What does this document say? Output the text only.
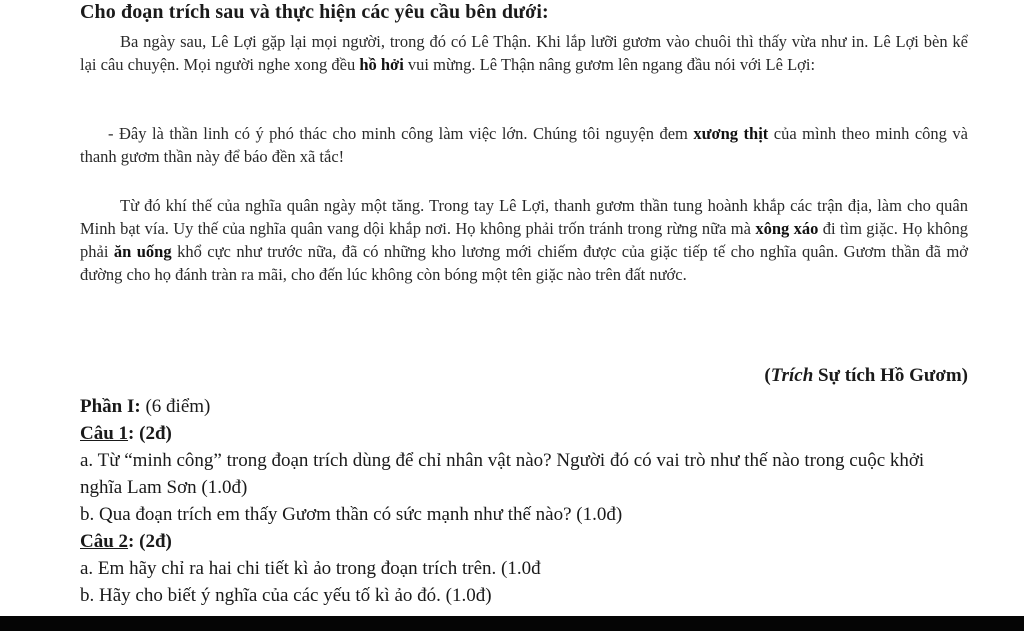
Cho đoạn trích sau và thực hiện các yêu cầu bên dưới:
Ba ngày sau, Lê Lợi gặp lại mọi người, trong đó có Lê Thận. Khi lắp lưỡi gươm vào chuôi thì thấy vừa như in. Lê Lợi bèn kể lại câu chuyện. Mọi người nghe xong đều hồ hởi vui mừng. Lê Thận nâng gươm lên ngang đầu nói với Lê Lợi:
- Đây là thần linh có ý phó thác cho minh công làm việc lớn. Chúng tôi nguyện đem xương thịt của mình theo minh công và thanh gươm thần này để báo đền xã tắc!
Từ đó khí thế của nghĩa quân ngày một tăng. Trong tay Lê Lợi, thanh gươm thần tung hoành khắp các trận địa, làm cho quân Minh bạt vía. Uy thế của nghĩa quân vang dội khắp nơi. Họ không phải trốn tránh trong rừng nữa mà xông xáo đi tìm giặc. Họ không phải ăn uống khổ cực như trước nữa, đã có những kho lương mới chiếm được của giặc tiếp tế cho nghĩa quân. Gươm thần đã mở đường cho họ đánh tràn ra mãi, cho đến lúc không còn bóng một tên giặc nào trên đất nước.
(Trích Sự tích Hồ Gươm)
Phần I: (6 điểm)
Câu 1: (2đ)
a. Từ “minh công” trong đoạn trích dùng để chỉ nhân vật nào? Người đó có vai trò như thế nào trong cuộc khởi nghĩa Lam Sơn (1.0đ)
b. Qua đoạn trích em thấy Gươm thần có sức mạnh như thế nào? (1.0đ)
Câu 2: (2đ)
a. Em hãy chỉ ra hai chi tiết kì ảo trong đoạn trích trên. (1.0đ
b. Hãy cho biết ý nghĩa của các yếu tố kì ảo đó. (1.0đ)
